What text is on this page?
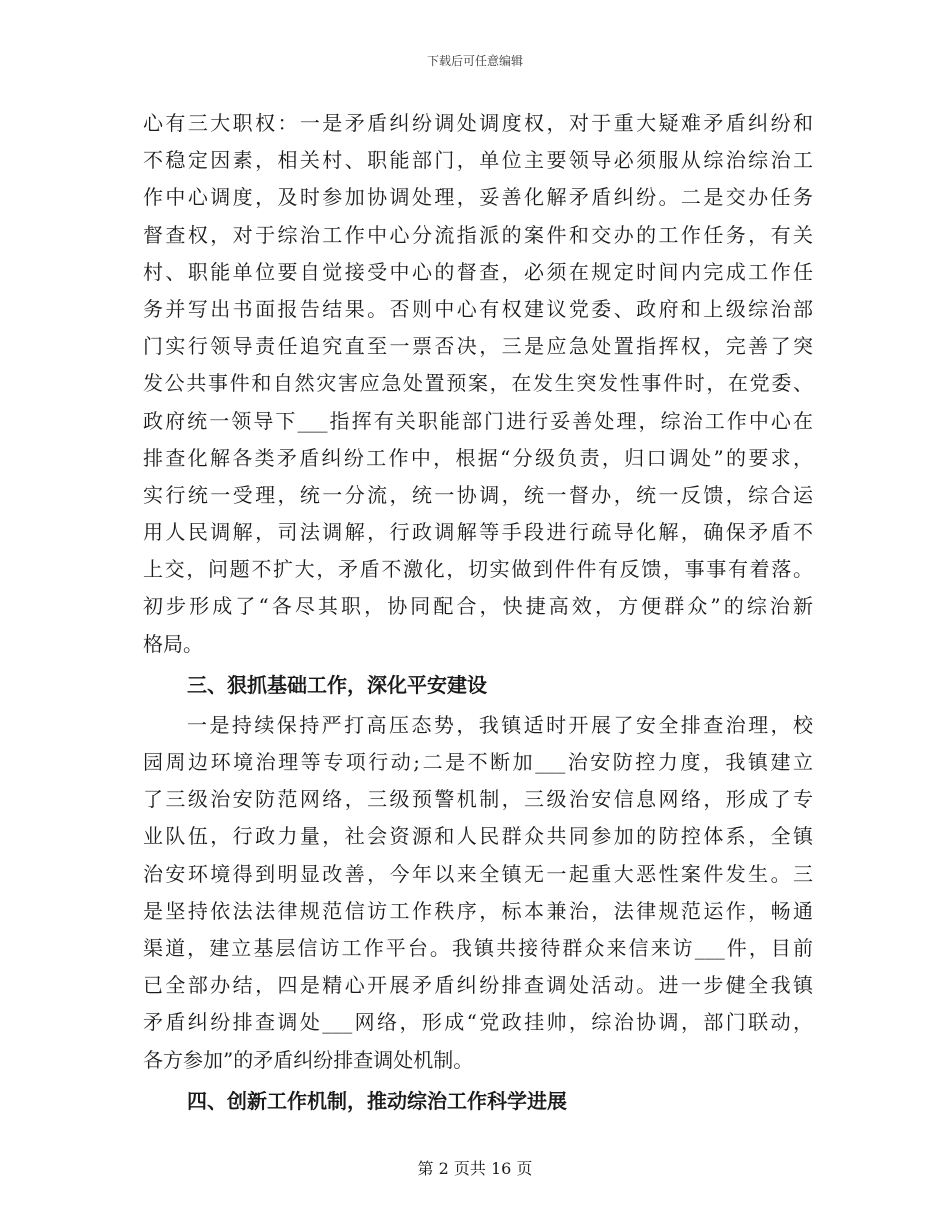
下载后可任意编辑
心有三大职权：一是矛盾纠纷调处调度权，对于重大疑难矛盾纠纷和
不稳定因素，相关村、职能部门，单位主要领导必须服从综治综治工
作中心调度，及时参加协调处理，妥善化解矛盾纠纷。二是交办任务
督查权，对于综治工作中心分流指派的案件和交办的工作任务，有关
村、职能单位要自觉接受中心的督查，必须在规定时间内完成工作任
务并写出书面报告结果。否则中心有权建议党委、政府和上级综治部
门实行领导责任追究直至一票否决，三是应急处置指挥权，完善了突
发公共事件和自然灾害应急处置预案，在发生突发性事件时，在党委、
政府统一领导下___指挥有关职能部门进行妥善处理，综治工作中心在
排查化解各类矛盾纠纷工作中，根据“分级负责，归口调处”的要求，
实行统一受理，统一分流，统一协调，统一督办，统一反馈，综合运
用人民调解，司法调解，行政调解等手段进行疏导化解，确保矛盾不
上交，问题不扩大，矛盾不激化，切实做到件件有反馈，事事有着落。
初步形成了“各尽其职，协同配合，快捷高效，方便群众”的综治新
格局。
三、狠抓基础工作，深化平安建设
一是持续保持严打高压态势，我镇适时开展了安全排查治理，校
园周边环境治理等专项行动;二是不断加___治安防控力度，我镇建立
了三级治安防范网络，三级预警机制，三级治安信息网络，形成了专
业队伍，行政力量，社会资源和人民群众共同参加的防控体系，全镇
治安环境得到明显改善，今年以来全镇无一起重大恶性案件发生。三
是坚持依法法律规范信访工作秩序，标本兼治，法律规范运作，畅通
渠道，建立基层信访工作平台。我镇共接待群众来信来访___件，目前
已全部办结，四是精心开展矛盾纠纷排查调处活动。进一步健全我镇
矛盾纠纷排查调处___网络，形成“党政挂帅，综治协调，部门联动，
各方参加”的矛盾纠纷排查调处机制。
四、创新工作机制，推动综治工作科学进展
第 2 页共 16 页
